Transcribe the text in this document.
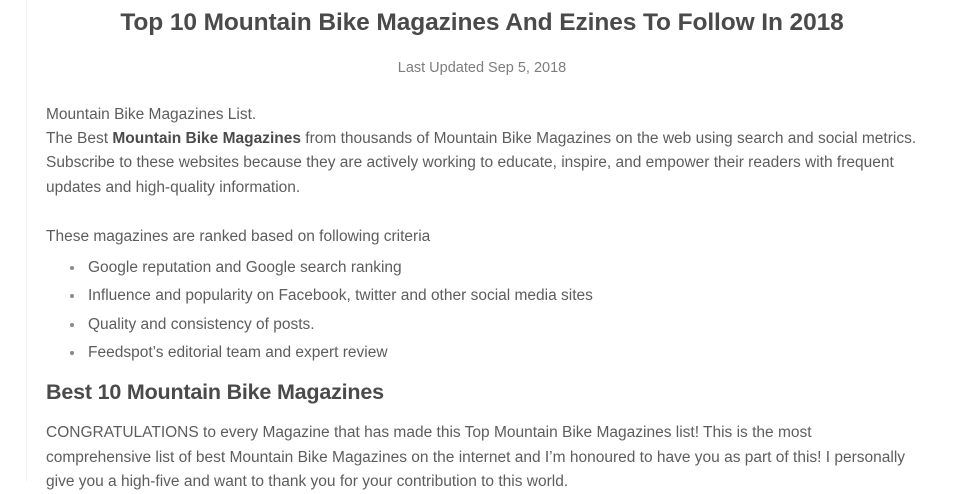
Top 10 Mountain Bike Magazines And Ezines To Follow In 2018
Last Updated Sep 5, 2018

Mountain Bike Magazines List.

The Best Mountain Bike Magazines from thousands of Mountain Bike Magazines on the web using search and social metrics. Subscribe to these websites because they are actively working to educate, inspire, and empower their readers with frequent updates and high-quality information.

These magazines are ranked based on following criteria
Google reputation and Google search ranking
Influence and popularity on Facebook, twitter and other social media sites
Quality and consistency of posts.
Feedspot’s editorial team and expert review
Best 10 Mountain Bike Magazines
CONGRATULATIONS to every Magazine that has made this Top Mountain Bike Magazines list! This is the most comprehensive list of best Mountain Bike Magazines on the internet and I’m honoured to have you as part of this! I personally give you a high-five and want to thank you for your contribution to this world.
